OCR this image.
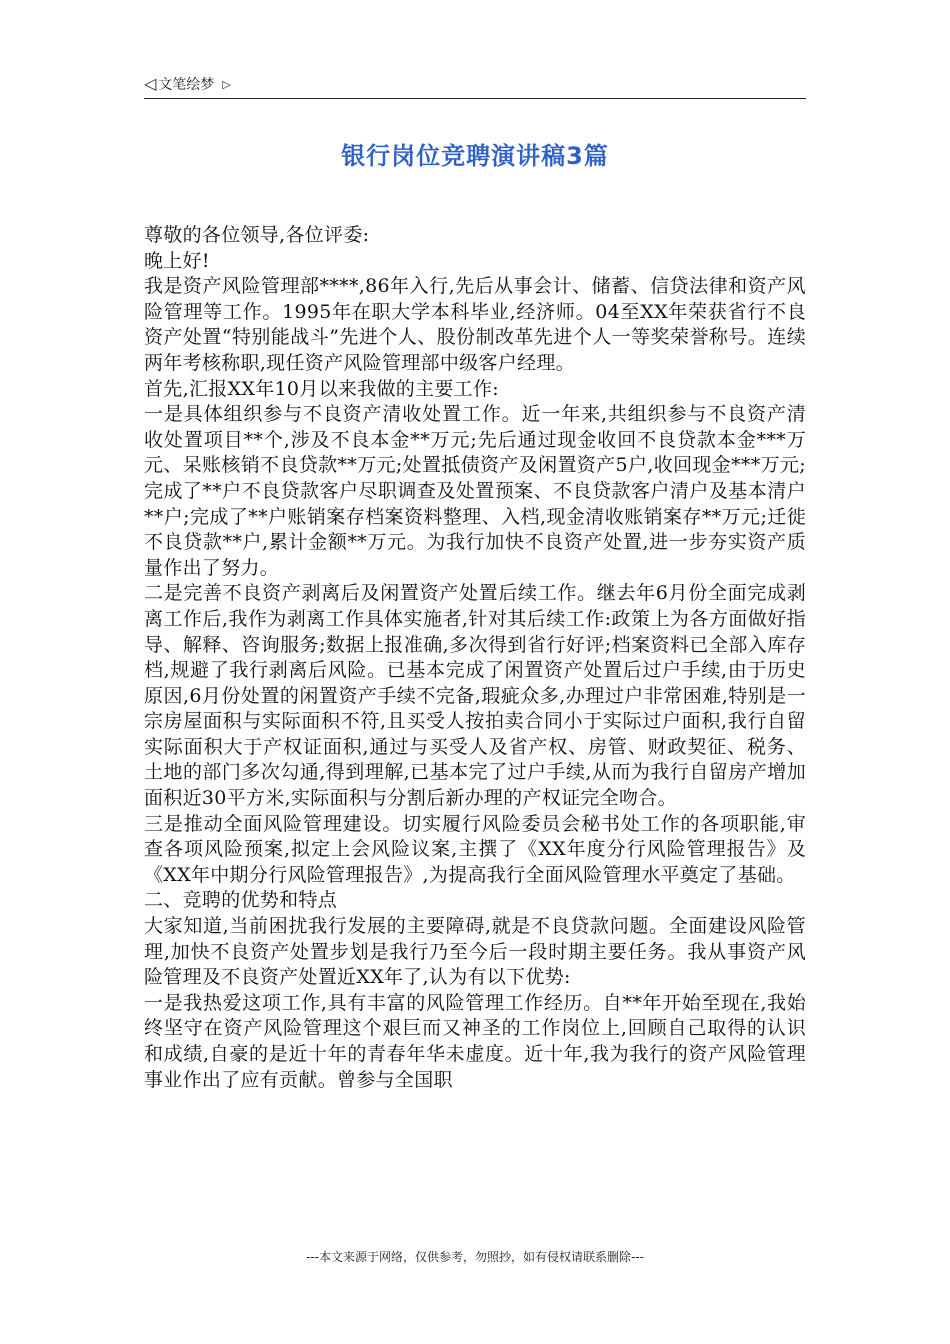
◁ 文笔绘梦 ▷
银行岗位竞聘演讲稿3篇

尊敬的各位领导,各位评委:

晚上好!

我是资产风险管理部****,86年入行,先后从事会计、储蓄、信贷法律和资产风险管理等工作。1995年在职大学本科毕业,经济师。04至XX年荣获省行不良资产处置“特别能战斗”先进个人、股份制改革先进个人一等奖荣誉称号。连续两年考核称职,现任资产风险管理部中级客户经理。

首先,汇报XX年10月以来我做的主要工作:

一是具体组织参与不良资产清收处置工作。近一年来,共组织参与不良资产清收处置项目**个,涉及不良本金**万元;先后通过现金收回不良贷款本金***万元、呆账核销不良贷款**万元;处置抵债资产及闲置资产5户,收回现金***万元;完成了**户不良贷款客户尽职调查及处置预案、不良贷款客户清户及基本清户**户;完成了**户账销案存档案资料整理、入档,现金清收账销案存**万元;迁徙不良贷款**户,累计金额**万元。为我行加快不良资产处置,进一步夯实资产质量作出了努力。

二是完善不良资产剥离后及闲置资产处置后续工作。继去年6月份全面完成剥离工作后,我作为剥离工作具体实施者,针对其后续工作:政策上为各方面做好指导、解释、咨询服务;数据上报准确,多次得到省行好评;档案资料已全部入库存档,规避了我行剥离后风险。已基本完成了闲置资产处置后过户手续,由于历史原因,6月份处置的闲置资产手续不完备,瑕疵众多,办理过户非常困难,特别是一宗房屋面积与实际面积不符,且买受人按拍卖合同小于实际过户面积,我行自留实际面积大于产权证面积,通过与买受人及省产权、房管、财政契征、税务、土地的部门多次勾通,得到理解,已基本完了过户手续,从而为我行自留房产增加面积近30平方米,实际面积与分割后新办理的产权证完全吻合。

三是推动全面风险管理建设。切实履行风险委员会秘书处工作的各项职能,审查各项风险预案,拟定上会风险议案,主撰了《XX年度分行风险管理报告》及《XX年中期分行风险管理报告》,为提高我行全面风险管理水平奠定了基础。

二、竞聘的优势和特点

大家知道,当前困扰我行发展的主要障碍,就是不良贷款问题。全面建设风险管理,加快不良资产处置步划是我行乃至今后一段时期主要任务。我从事资产风险管理及不良资产处置近XX年了,认为有以下优势:

一是我热爱这项工作,具有丰富的风险管理工作经历。自**年开始至现在,我始终坚守在资产风险管理这个艰巨而又神圣的工作岗位上,回顾自己取得的认识和成绩,自豪的是近十年的青春年华未虚度。近十年,我为我行的资产风险管理事业作出了应有贡献。曾参与全国职

---本文来源于网络，仅供参考，勿照抄，如有侵权请联系删除---
